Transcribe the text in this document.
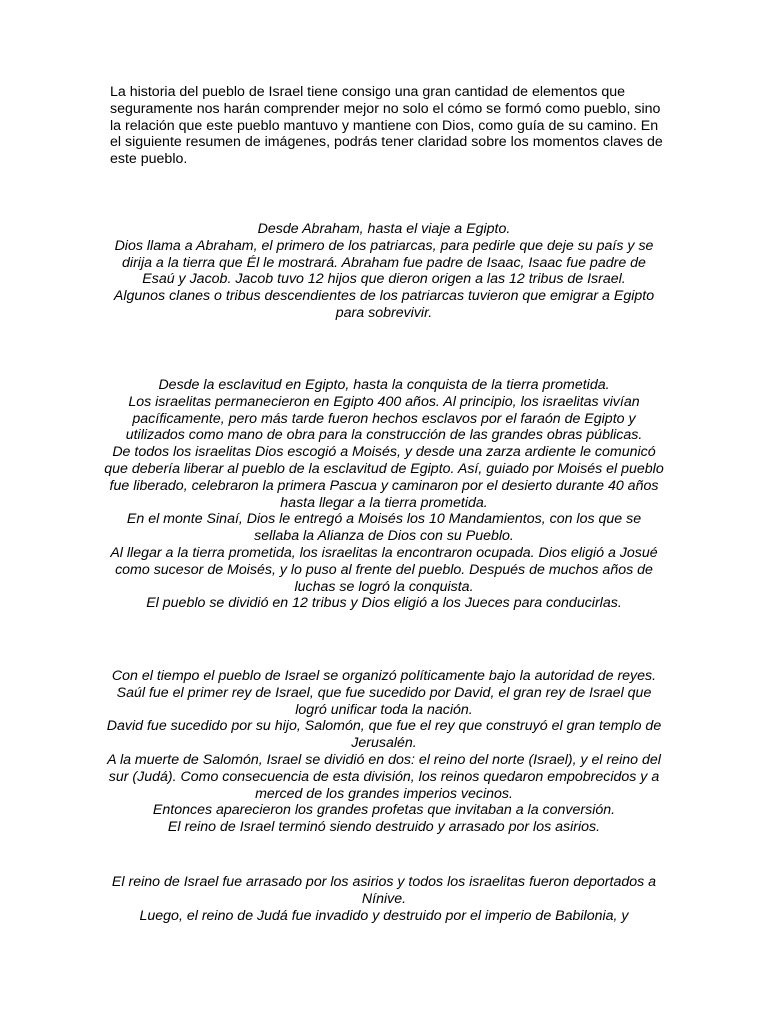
La historia del pueblo de Israel tiene consigo una gran cantidad de elementos que seguramente nos harán comprender mejor no solo el cómo se formó como pueblo, sino la relación que este pueblo mantuvo y mantiene con Dios, como guía de su camino. En el siguiente resumen de imágenes, podrás tener claridad sobre los momentos claves de este pueblo.

Desde Abraham, hasta el viaje a Egipto.

Dios llama a Abraham, el primero de los patriarcas, para pedirle que deje su país y se dirija a la tierra que Él le mostrará. Abraham fue padre de Isaac, Isaac fue padre de Esaú y Jacob. Jacob tuvo 12 hijos que dieron origen a las 12 tribus de Israel.

Algunos clanes o tribus descendientes de los patriarcas tuvieron que emigrar a Egipto para sobrevivir.

Desde la esclavitud en Egipto, hasta la conquista de la tierra prometida.

Los israelitas permanecieron en Egipto 400 años. Al principio, los israelitas vivían pacíficamente, pero más tarde fueron hechos esclavos por el faraón de Egipto y utilizados como mano de obra para la construcción de las grandes obras públicas.

De todos los israelitas Dios escogió a Moisés, y desde una zarza ardiente le comunicó que debería liberar al pueblo de la esclavitud de Egipto. Así, guiado por Moisés el pueblo fue liberado, celebraron la primera Pascua y caminaron por el desierto durante 40 años hasta llegar a la tierra prometida.

En el monte Sinaí, Dios le entregó a Moisés los 10 Mandamientos, con los que se sellaba la Alianza de Dios con su Pueblo.

Al llegar a la tierra prometida, los israelitas la encontraron ocupada. Dios eligió a Josué como sucesor de Moisés, y lo puso al frente del pueblo. Después de muchos años de luchas se logró la conquista.

El pueblo se dividió en 12 tribus y Dios eligió a los Jueces para conducirlas.

Con el tiempo el pueblo de Israel se organizó políticamente bajo la autoridad de reyes. Saúl fue el primer rey de Israel, que fue sucedido por David, el gran rey de Israel que logró unificar toda la nación.

David fue sucedido por su hijo, Salomón, que fue el rey que construyó el gran templo de Jerusalén.

A la muerte de Salomón, Israel se dividió en dos: el reino del norte (Israel), y el reino del sur (Judá). Como consecuencia de esta división, los reinos quedaron empobrecidos y a merced de los grandes imperios vecinos.

Entonces aparecieron los grandes profetas que invitaban a la conversión.

El reino de Israel terminó siendo destruido y arrasado por los asirios.

El reino de Israel fue arrasado por los asirios y todos los israelitas fueron deportados a Nínive.

Luego, el reino de Judá fue invadido y destruido por el imperio de Babilonia, y
